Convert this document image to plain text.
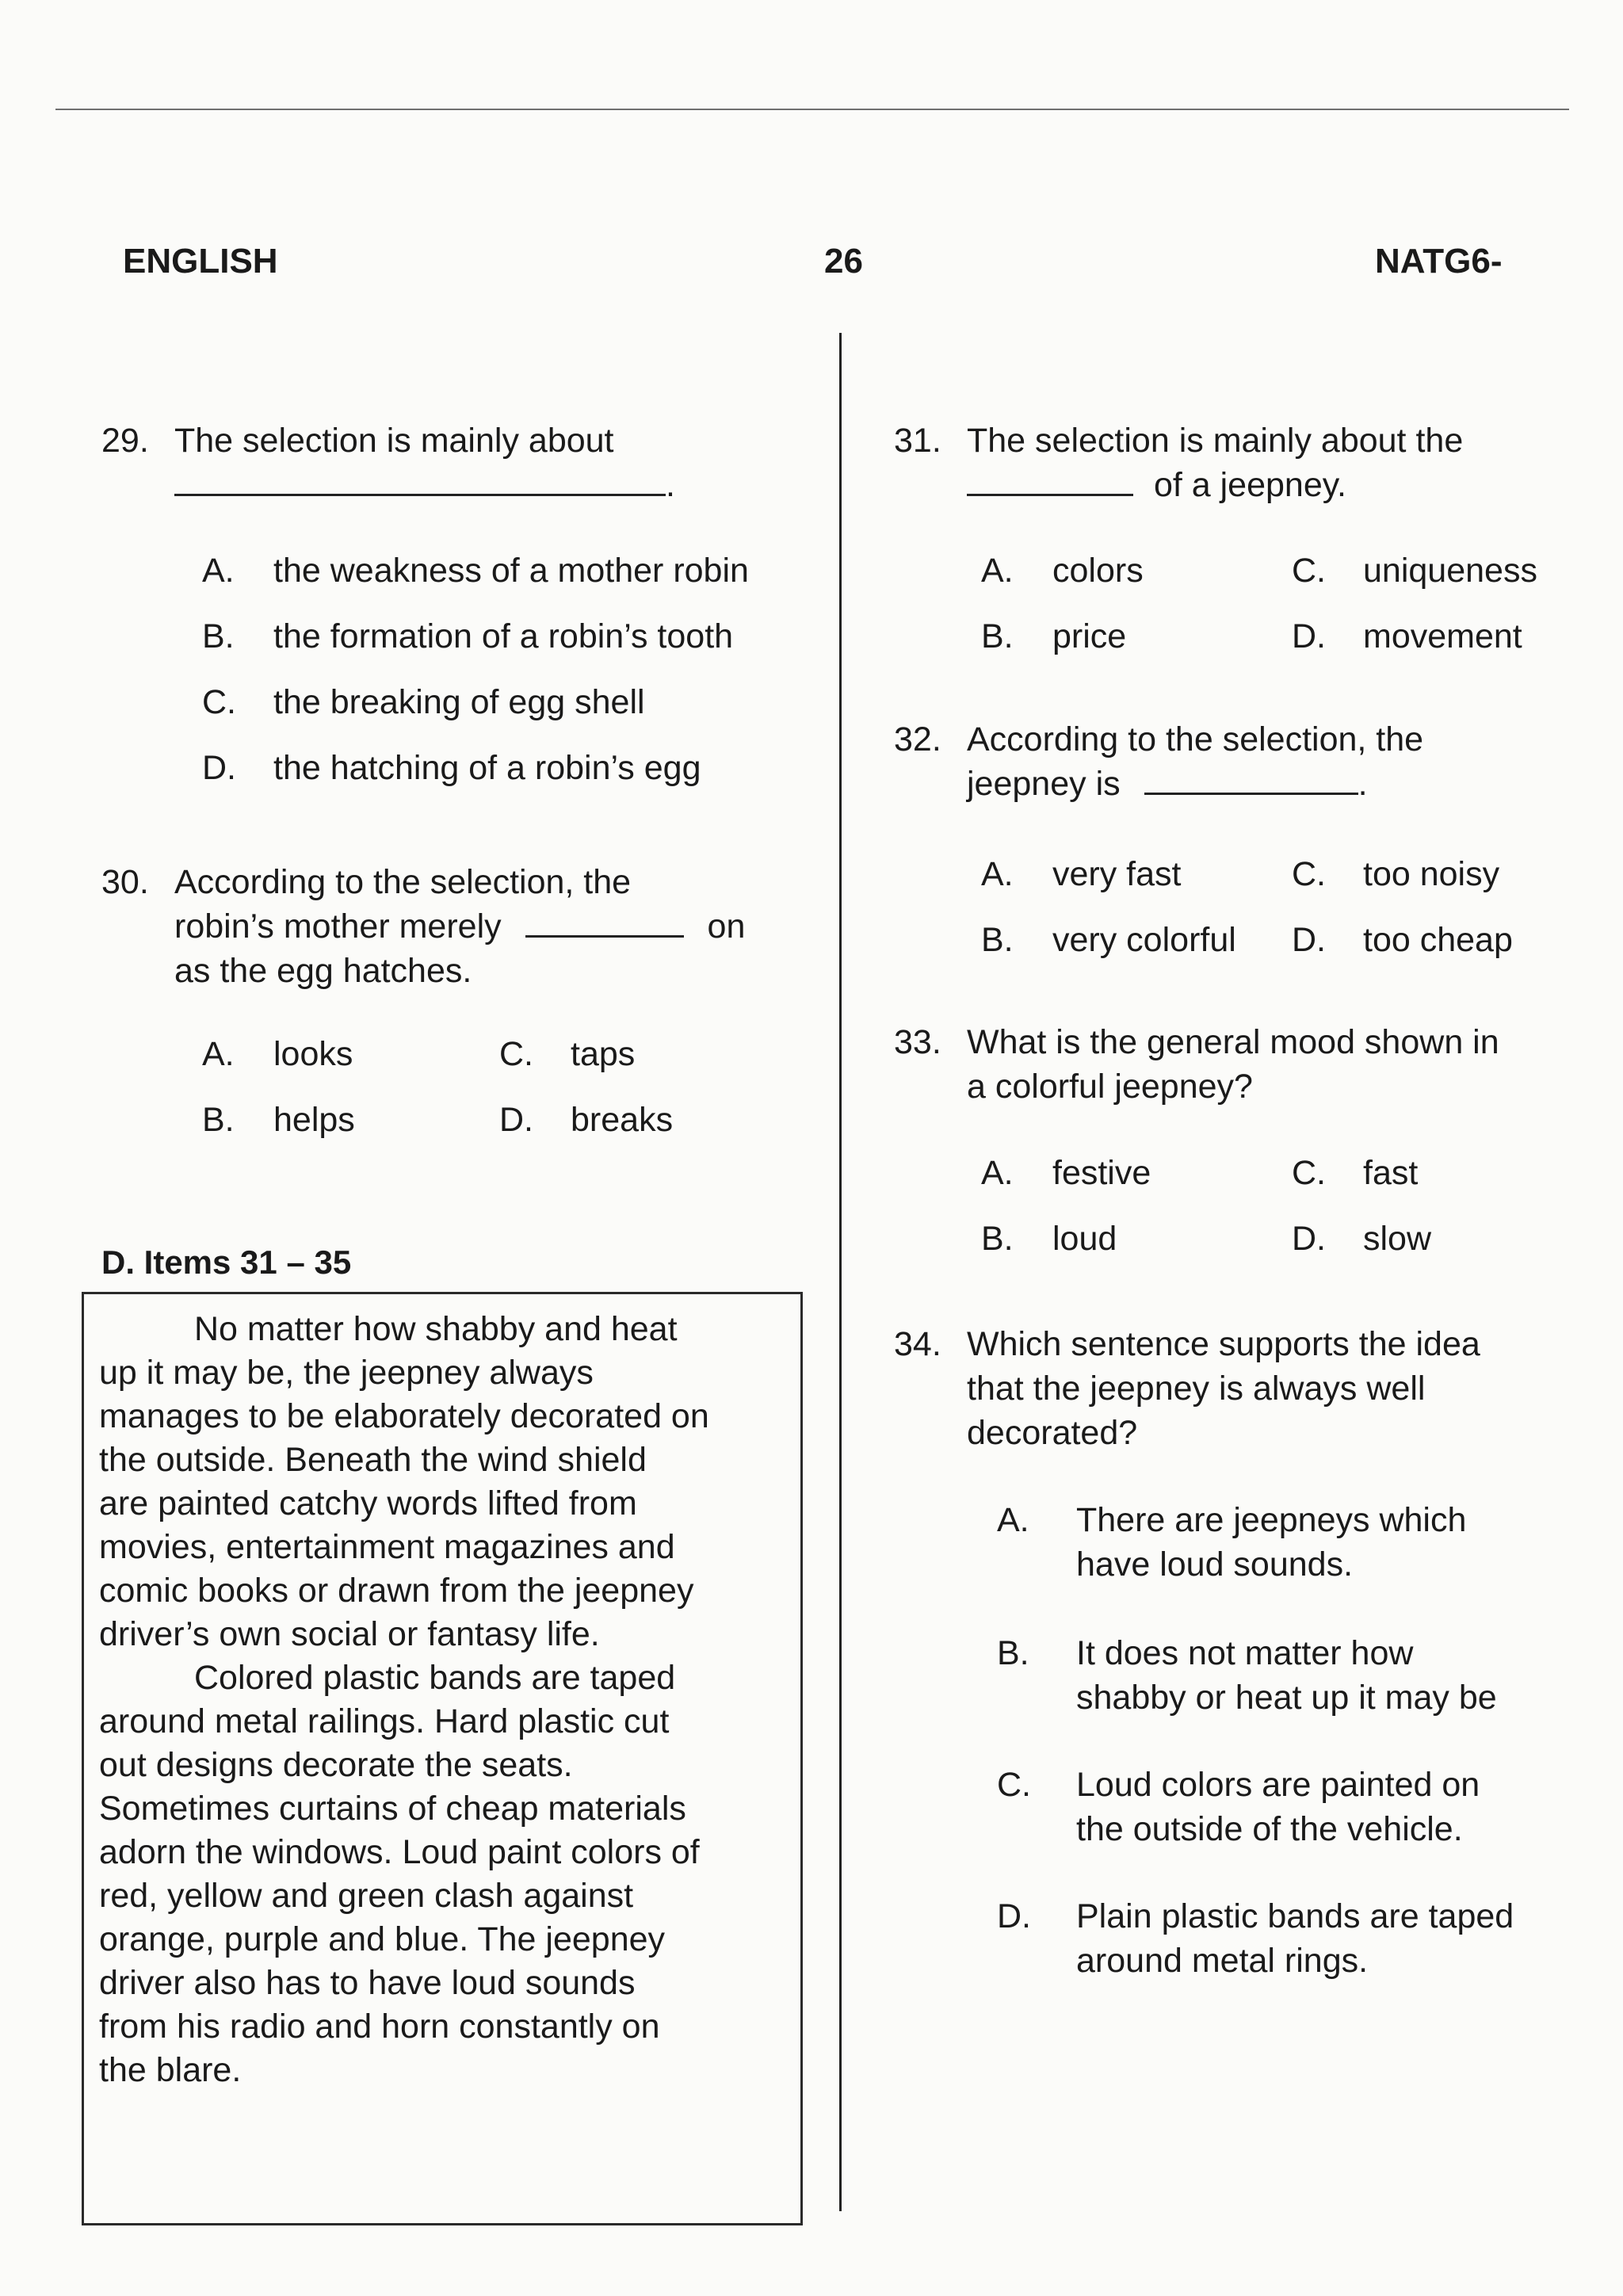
ENGLISH	26	NATG6-
29. The selection is mainly about
.
A. the weakness of a mother robin
B. the formation of a robin’s tooth
C. the breaking of egg shell
D. the hatching of a robin’s egg
30. According to the selection, the
robin’s mother merely	on
as the egg hatches.
A. looks
B. helps
C. taps
D. breaks
D. Items 31 – 35
No matter how shabby and heat
up it may be, the jeepney always
manages to be elaborately decorated on
the outside. Beneath the wind shield
are painted catchy words lifted from
movies, entertainment magazines and
comic books or drawn from the jeepney
driver’s own social or fantasy life.
Colored plastic bands are taped
around metal railings. Hard plastic cut
out designs decorate the seats.
Sometimes curtains of cheap materials
adorn the windows. Loud paint colors of
red, yellow and green clash against
orange, purple and blue. The jeepney
driver also has to have loud sounds
from his radio and horn constantly on
the blare.
31. The selection is mainly about the
of a jeepney.
A. colors
B. price
C. uniqueness
D. movement
32. According to the selection, the
jeepney is	.
A. very fast
B. very colorful
C. too noisy
D. too cheap
33. What is the general mood shown in
a colorful jeepney?
A. festive
B. loud
C. fast
D. slow
34. Which sentence supports the idea
that the jeepney is always well
decorated?
A. There are jeepneys which
have loud sounds.
B. It does not matter how
shabby or heat up it may be
C. Loud colors are painted on
the outside of the vehicle.
D. Plain plastic bands are taped
around metal rings.
